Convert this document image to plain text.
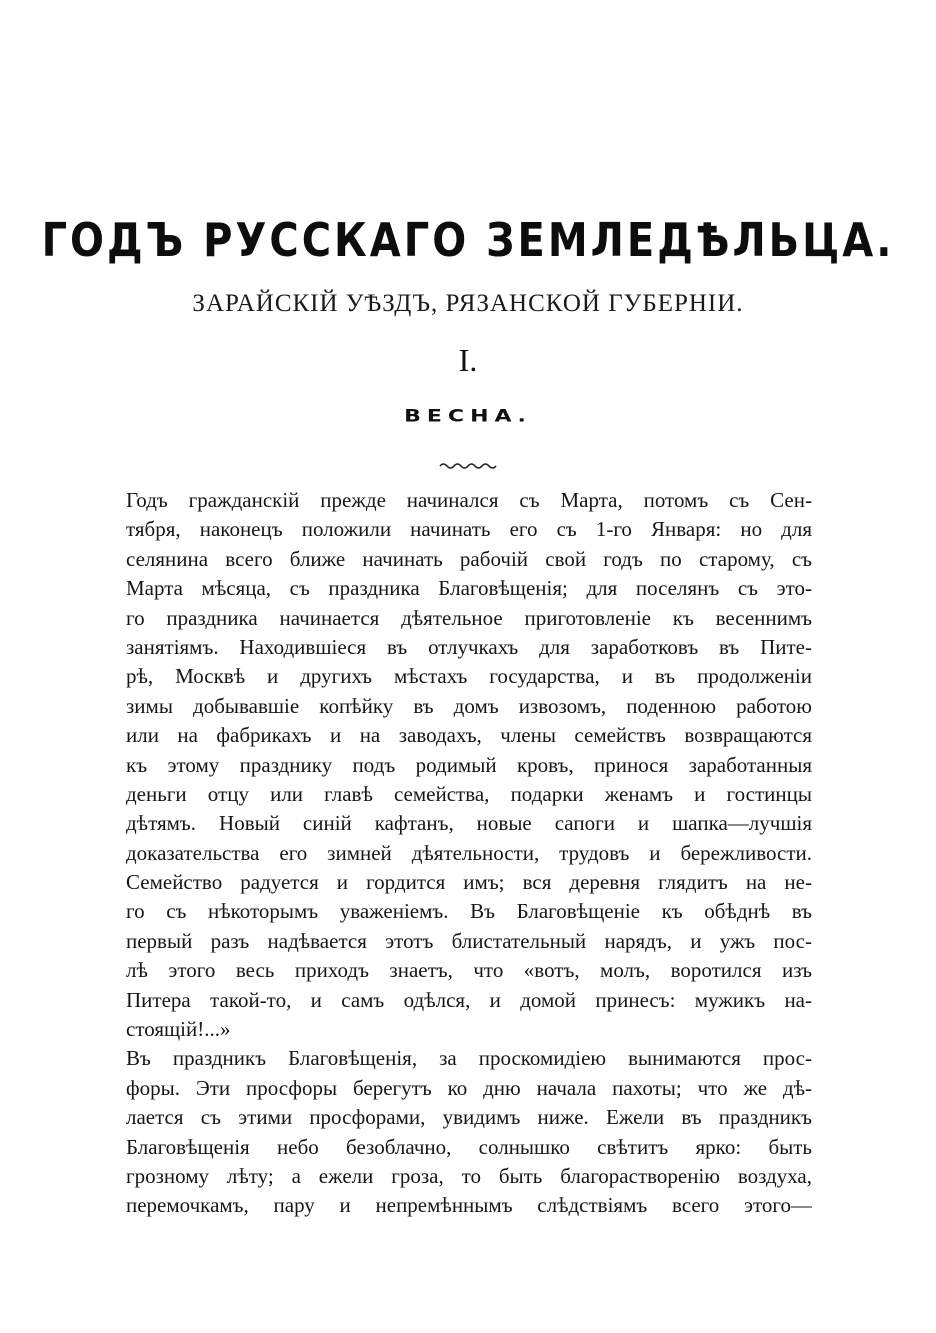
ГОДЪ РУССКАГО ЗЕМЛЕДѢЛЬЦА.
ЗАРАЙСКІЙ УѢЗДЪ, РЯЗАНСКОЙ ГУБЕРНІИ.
I.
ВЕСНА.
Годъ гражданскій прежде начинался съ Марта, потомъ съ Сен-
тября, наконецъ положили начинать его съ 1-го Января: но для
селянина всего ближе начинать рабочій свой годъ по старому, съ
Марта мѣсяца, съ праздника Благовѣщенія; для поселянъ съ это-
го праздника начинается дѣятельное приготовленіе къ весеннимъ
занятіямъ. Находившіеся въ отлучкахъ для заработковъ въ Пите-
рѣ, Москвѣ и другихъ мѣстахъ государства, и въ продолженіи
зимы добывавшіе копѣйку въ домъ извозомъ, поденною работою
или на фабрикахъ и на заводахъ, члены семействъ возвращаются
къ этому празднику подъ родимый кровъ, принося заработанныя
деньги отцу или главѣ семейства, подарки женамъ и гостинцы
дѣтямъ. Новый синій кафтанъ, новые сапоги и шапка—лучшія
доказательства его зимней дѣятельности, трудовъ и бережливости.
Семейство радуется и гордится имъ; вся деревня глядитъ на не-
го съ нѣкоторымъ уваженіемъ. Въ Благовѣщеніе къ обѣднѣ въ
первый разъ надѣвается этотъ блистательный нарядъ, и ужъ пос-
лѣ этого весь приходъ знаетъ, что «вотъ, молъ, воротился изъ
Питера такой-то, и самъ одѣлся, и домой принесъ: мужикъ на-
стоящій!...»
Въ праздникъ Благовѣщенія, за проскомидіею вынимаются прос-
форы. Эти просфоры берегутъ ко дню начала пахоты; что же дѣ-
лается съ этими просфорами, увидимъ ниже. Ежели въ праздникъ
Благовѣщенія небо безоблачно, солнышко свѣтитъ ярко: быть
грозному лѣту; а ежели гроза, то быть благорастворенію воздуха,
перемочкамъ, пару и непремѣннымъ слѣдствіямъ всего этого—
